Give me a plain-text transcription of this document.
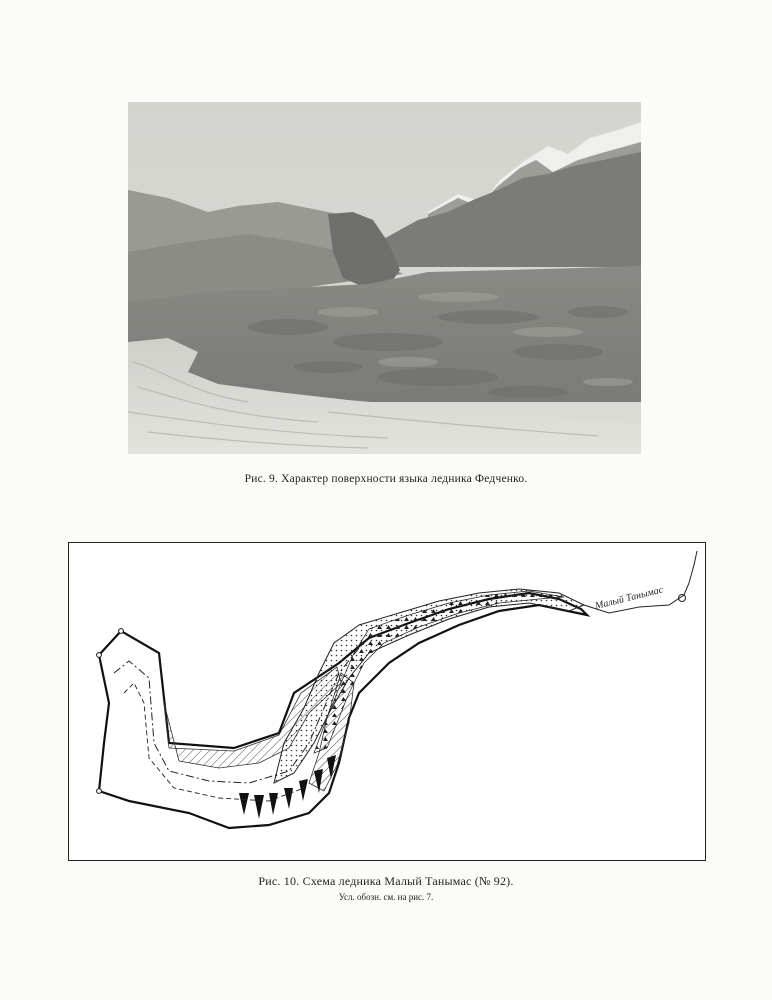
Рис. 9. Характер поверхности языка ледника Федченко.
Малый Танымас
Рис. 10. Схема ледника Малый Танымас (№ 92).
Усл. обозн. см. на рис. 7.
